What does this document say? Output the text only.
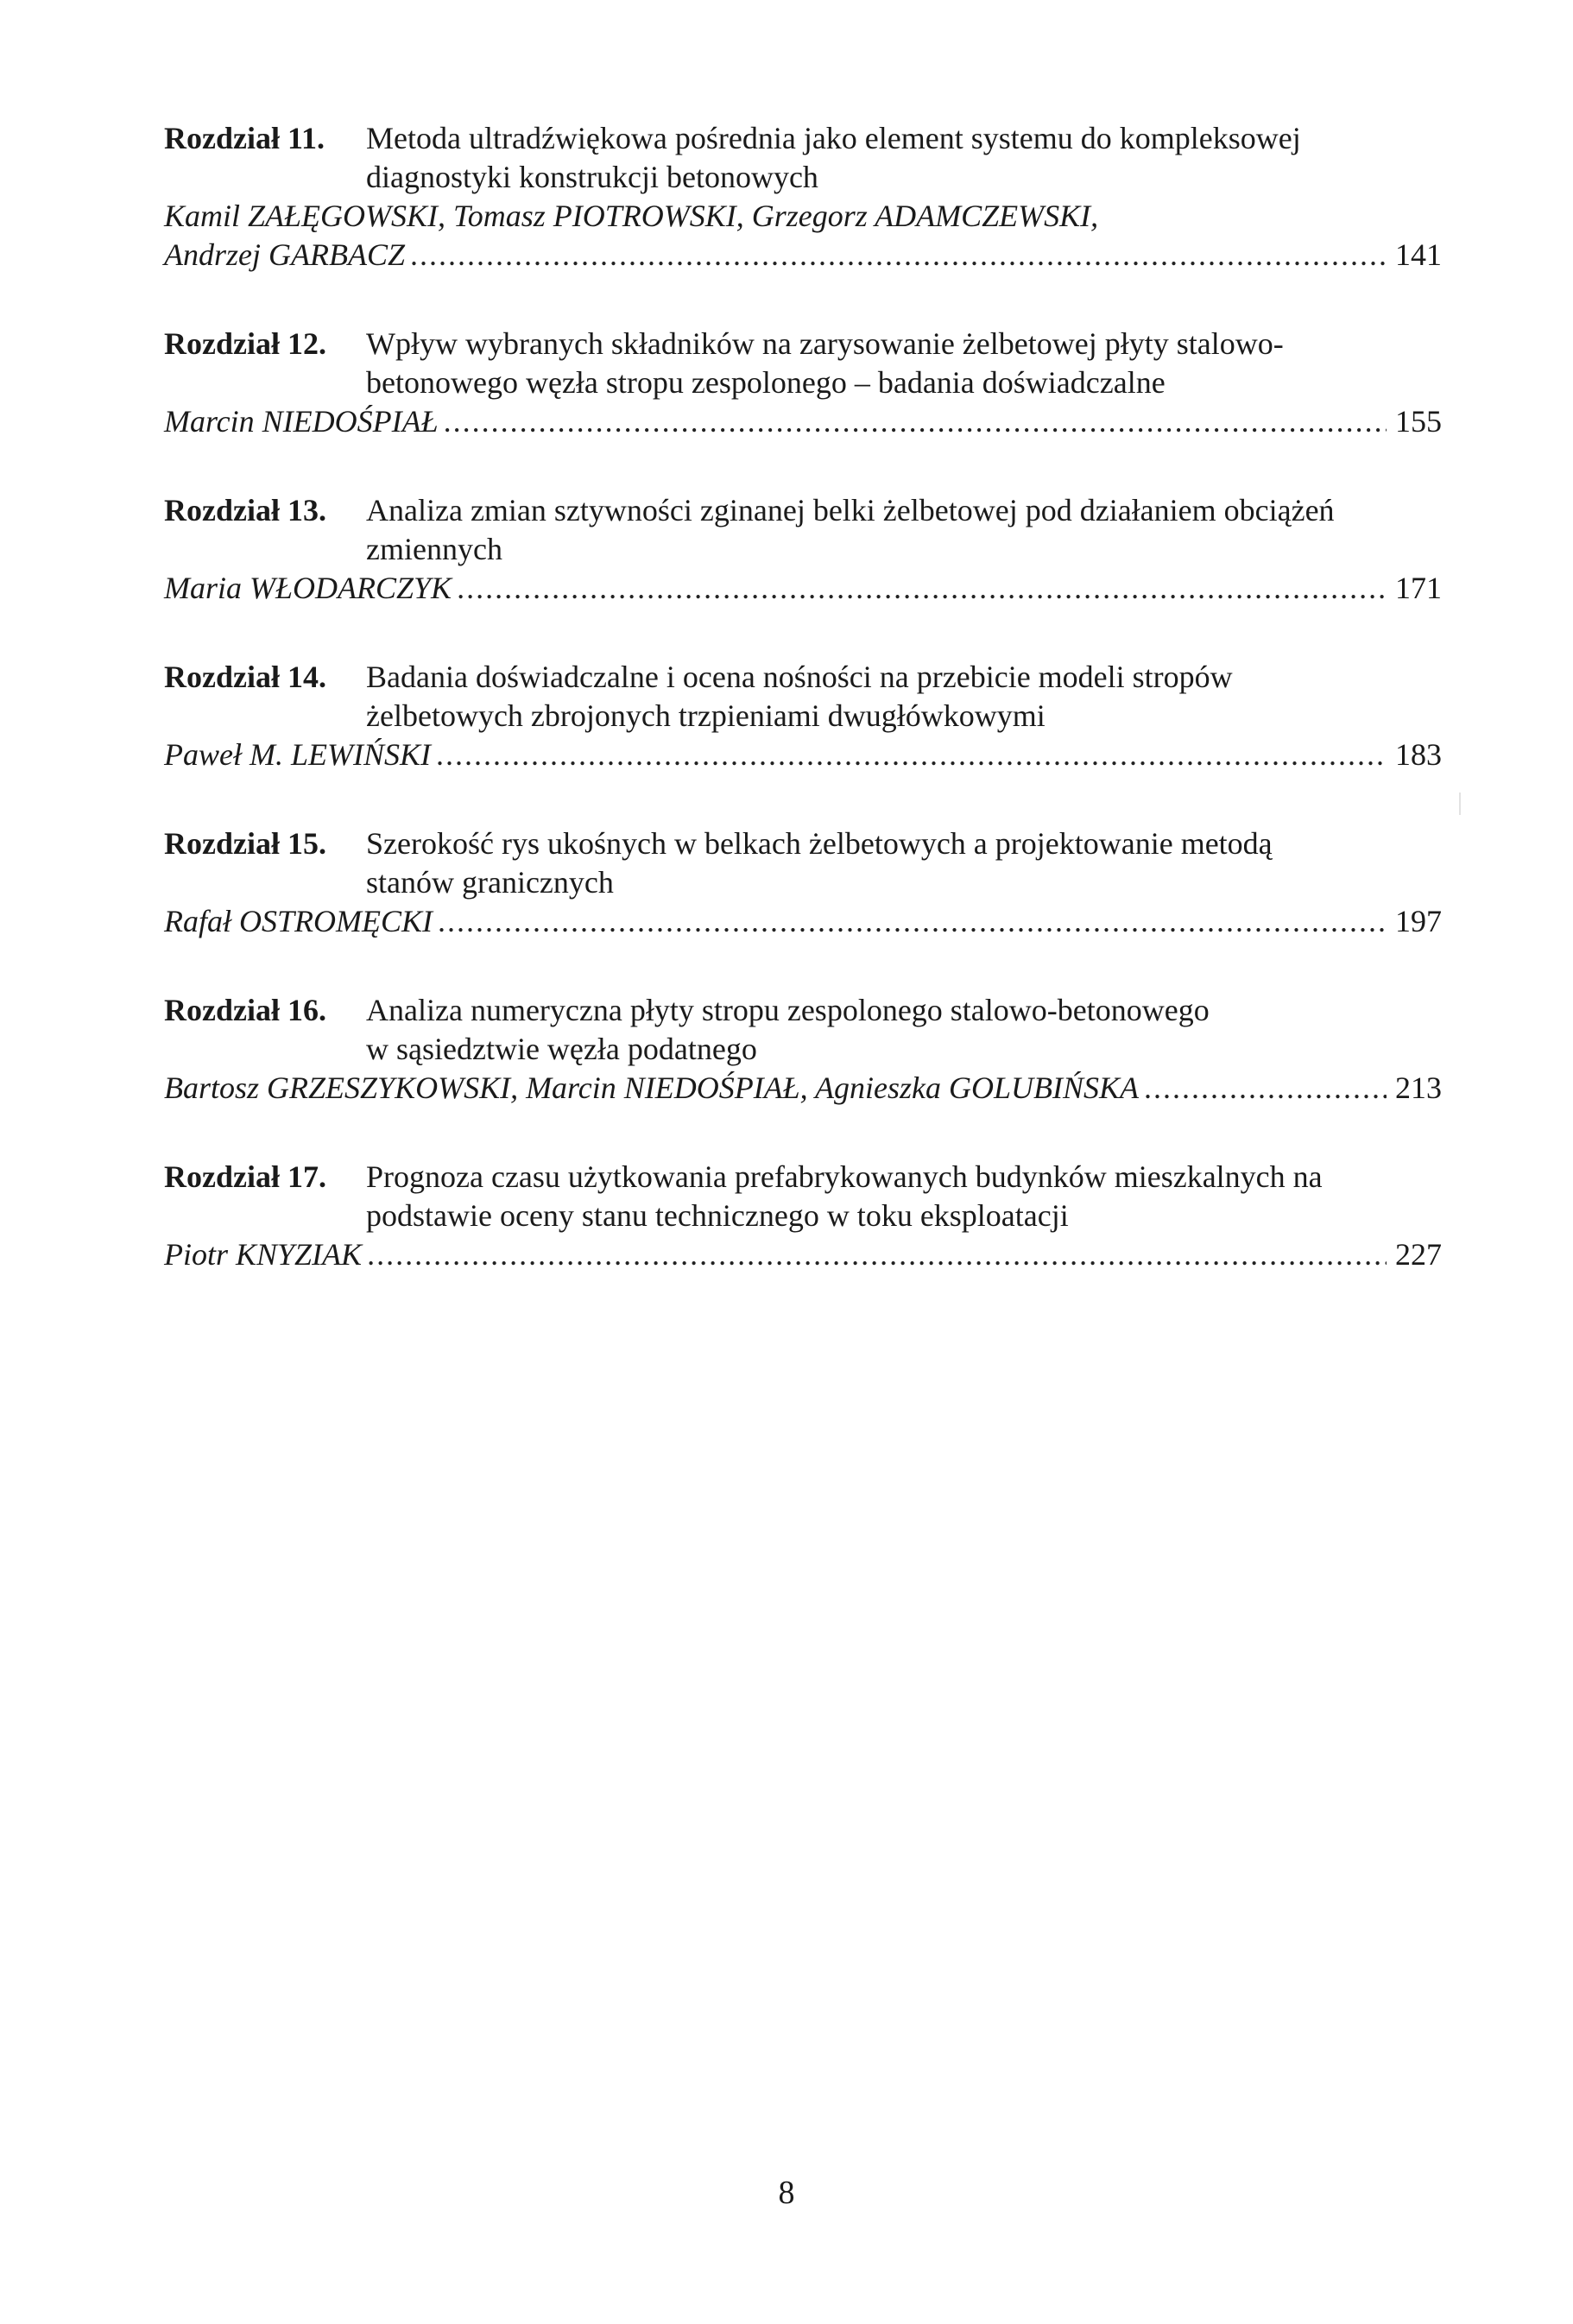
Rozdział 11.	Metoda ultradźwiękowa pośrednia jako element systemu do kompleksowej
diagnostyki konstrukcji betonowych
Kamil ZAŁĘGOWSKI, Tomasz PIOTROWSKI, Grzegorz ADAMCZEWSKI,
Andrzej GARBACZ .....	141
Rozdział 12.	Wpływ wybranych składników na zarysowanie żelbetowej płyty stalowo-
betonowego węzła stropu zespolonego – badania doświadczalne
Marcin NIEDOŚPIAŁ .....	155
Rozdział 13.	Analiza zmian sztywności zginanej belki żelbetowej pod działaniem obciążeń
zmiennych
Maria WŁODARCZYK .....	171
Rozdział 14.	Badania doświadczalne i ocena nośności na przebicie modeli stropów
żelbetowych zbrojonych trzpieniami dwugłówkowymi
Paweł M. LEWIŃSKI .....	183
Rozdział 15.	Szerokość rys ukośnych w belkach żelbetowych a projektowanie metodą
stanów granicznych
Rafał OSTROMĘCKI .....	197
Rozdział 16.	Analiza numeryczna płyty stropu zespolonego stalowo-betonowego
w sąsiedztwie węzła podatnego
Bartosz GRZESZYKOWSKI, Marcin NIEDOŚPIAŁ, Agnieszka GOLUBIŃSKA .....	213
Rozdział 17.	Prognoza czasu użytkowania prefabrykowanych budynków mieszkalnych na
podstawie oceny stanu technicznego w toku eksploatacji
Piotr KNYZIAK .....	227
8
